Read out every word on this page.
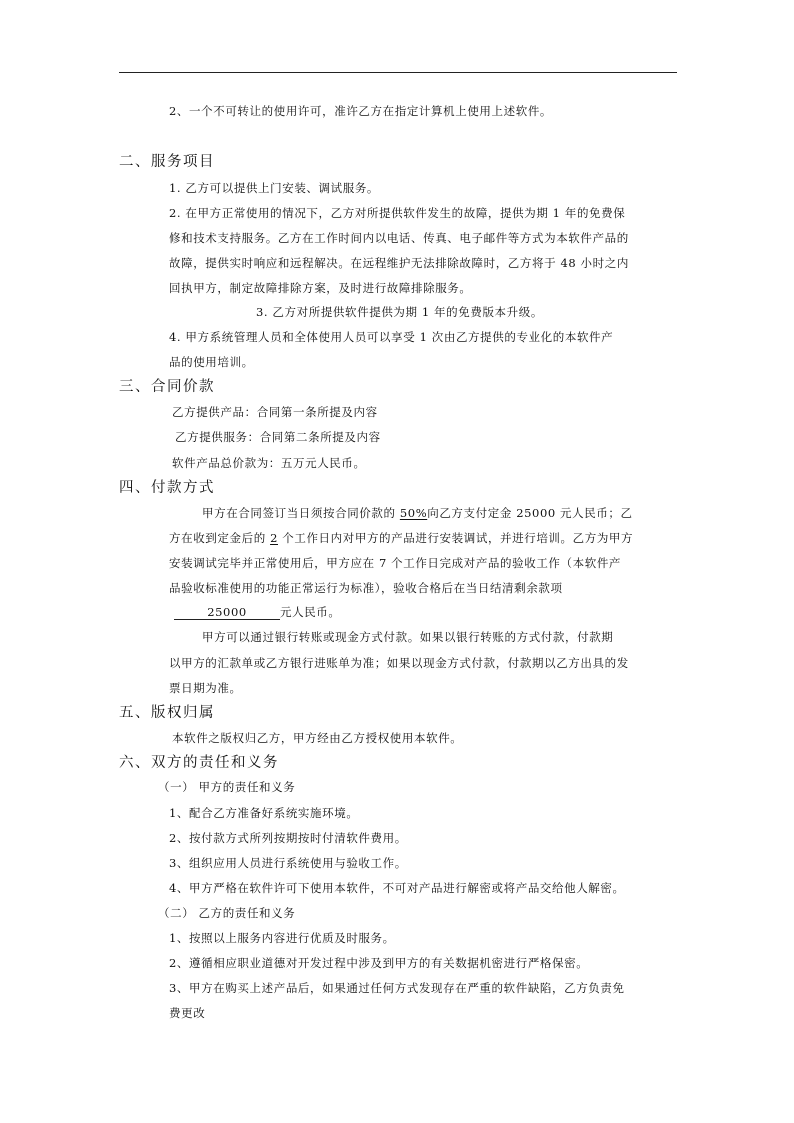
2、一个不可转让的使用许可，准许乙方在指定计算机上使用上述软件。
二、服务项目
1. 乙方可以提供上门安装、调试服务。
2. 在甲方正常使用的情况下，乙方对所提供软件发生的故障，提供为期 1 年的免费保
修和技术支持服务。乙方在工作时间内以电话、传真、电子邮件等方式为本软件产品的
故障，提供实时响应和远程解决。在远程维护无法排除故障时，乙方将于 48 小时之内
回执甲方，制定故障排除方案，及时进行故障排除服务。
3. 乙方对所提供软件提供为期 1 年的免费版本升级。
4. 甲方系统管理人员和全体使用人员可以享受 1 次由乙方提供的专业化的本软件产
品的使用培训。
三、合同价款
乙方提供产品：合同第一条所提及内容
乙方提供服务：合同第二条所提及内容
软件产品总价款为：五万元人民币。
四、付款方式
甲方在合同签订当日须按合同价款的 50%向乙方支付定金 25000 元人民币；乙
方在收到定金后的 2 个工作日内对甲方的产品进行安装调试，并进行培训。乙方为甲方
安装调试完毕并正常使用后，甲方应在 7 个工作日完成对产品的验收工作（本软件产
品验收标准使用的功能正常运行为标准），验收合格后在当日结清剩余款项
25000	元人民币。
甲方可以通过银行转账或现金方式付款。如果以银行转账的方式付款，付款期
以甲方的汇款单或乙方银行进账单为准；如果以现金方式付款，付款期以乙方出具的发
票日期为准。
五、版权归属
本软件之版权归乙方，甲方经由乙方授权使用本软件。
六、双方的责任和义务
（一） 甲方的责任和义务
1、配合乙方准备好系统实施环境。
2、按付款方式所列按期按时付清软件费用。
3、组织应用人员进行系统使用与验收工作。
4、甲方严格在软件许可下使用本软件，不可对产品进行解密或将产品交给他人解密。
（二） 乙方的责任和义务
1、按照以上服务内容进行优质及时服务。
2、遵循相应职业道德对开发过程中涉及到甲方的有关数据机密进行严格保密。
3、甲方在购买上述产品后，如果通过任何方式发现存在严重的软件缺陷，乙方负责免
费更改
